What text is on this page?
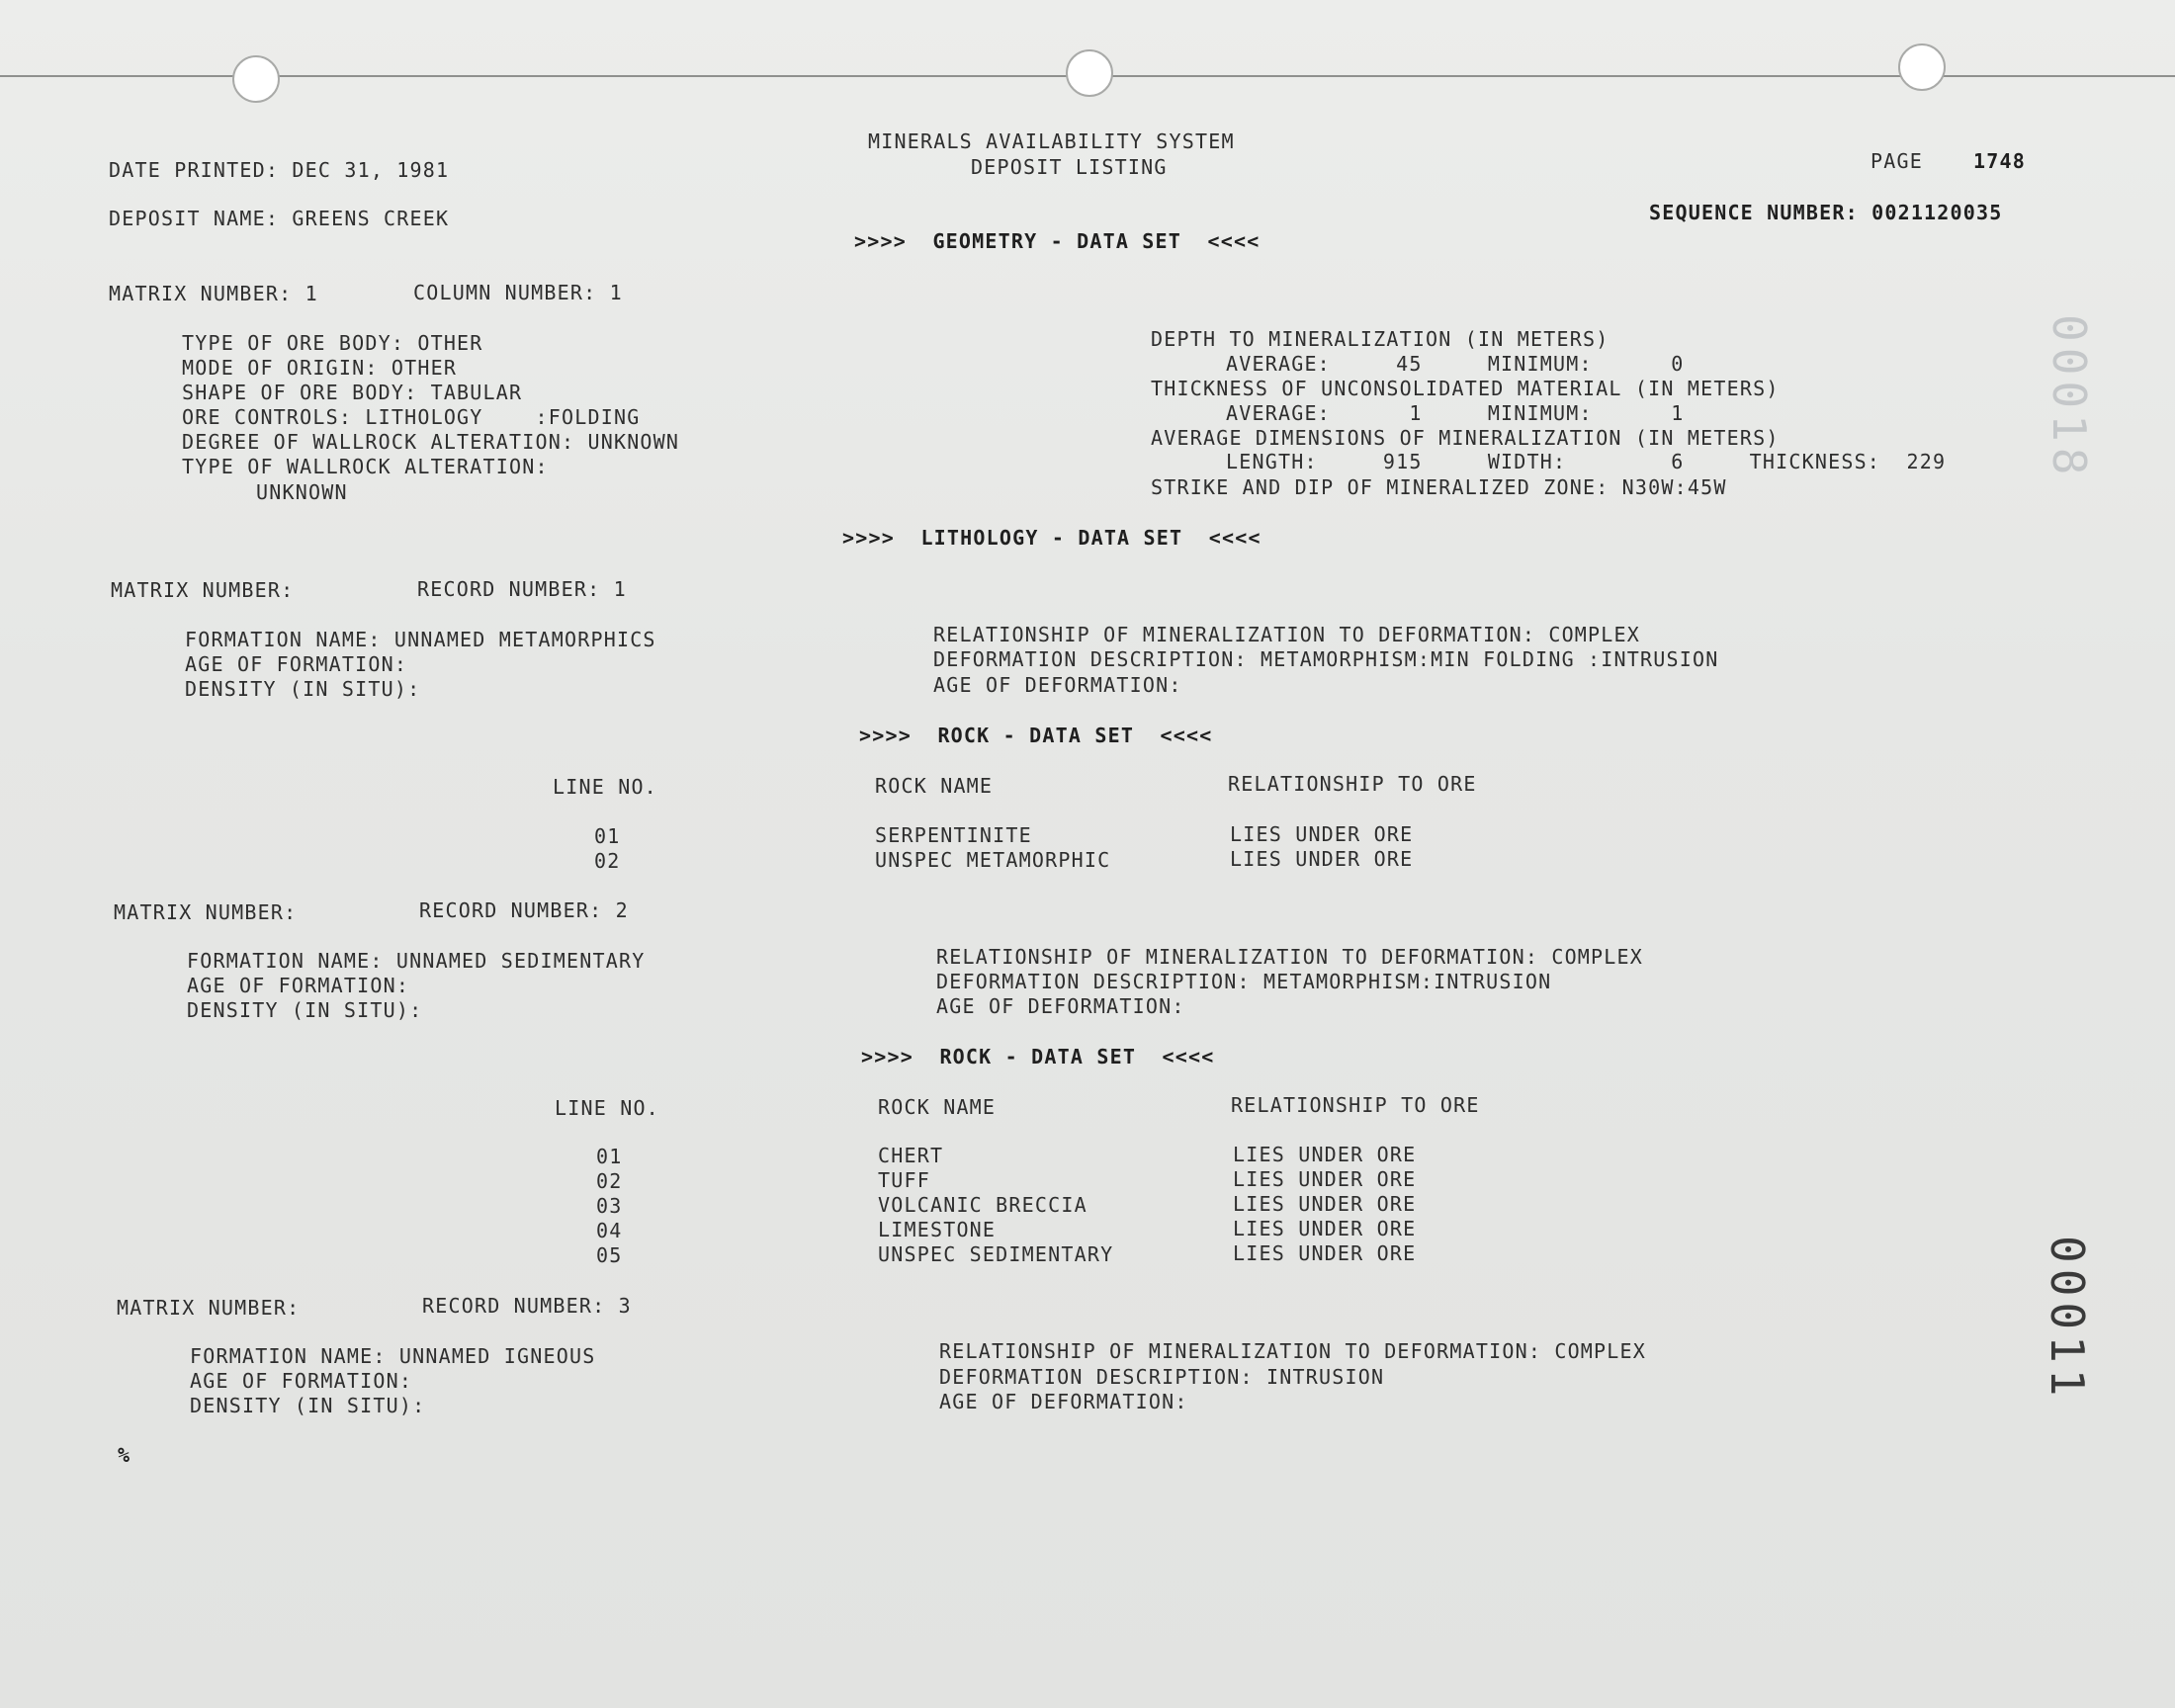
MINERALS AVAILABILITY SYSTEM
DEPOSIT LISTING
DATE PRINTED: DEC 31, 1981	PAGE	1748
DEPOSIT NAME: GREENS CREEK	SEQUENCE NUMBER: 0021120035
>>>>  GEOMETRY - DATA SET  <<<<
MATRIX NUMBER: 1	COLUMN NUMBER: 1
TYPE OF ORE BODY: OTHER
MODE OF ORIGIN: OTHER
SHAPE OF ORE BODY: TABULAR
ORE CONTROLS: LITHOLOGY    :FOLDING
DEGREE OF WALLROCK ALTERATION: UNKNOWN
TYPE OF WALLROCK ALTERATION:
UNKNOWN
DEPTH TO MINERALIZATION (IN METERS)
AVERAGE:     45     MINIMUM:      0
THICKNESS OF UNCONSOLIDATED MATERIAL (IN METERS)
AVERAGE:      1     MINIMUM:      1
AVERAGE DIMENSIONS OF MINERALIZATION (IN METERS)
LENGTH:     915     WIDTH:        6     THICKNESS:  229
STRIKE AND DIP OF MINERALIZED ZONE: N30W:45W
>>>>  LITHOLOGY - DATA SET  <<<<
MATRIX NUMBER:	RECORD NUMBER: 1
FORMATION NAME: UNNAMED METAMORPHICS
AGE OF FORMATION:
DENSITY (IN SITU):
RELATIONSHIP OF MINERALIZATION TO DEFORMATION: COMPLEX
DEFORMATION DESCRIPTION: METAMORPHISM:MIN FOLDING :INTRUSION
AGE OF DEFORMATION:
>>>>  ROCK - DATA SET  <<<<
LINE NO.	ROCK NAME	RELATIONSHIP TO ORE
01	SERPENTINITE	LIES UNDER ORE
02	UNSPEC METAMORPHIC	LIES UNDER ORE
MATRIX NUMBER:	RECORD NUMBER: 2
FORMATION NAME: UNNAMED SEDIMENTARY
AGE OF FORMATION:
DENSITY (IN SITU):
RELATIONSHIP OF MINERALIZATION TO DEFORMATION: COMPLEX
DEFORMATION DESCRIPTION: METAMORPHISM:INTRUSION
AGE OF DEFORMATION:
>>>>  ROCK - DATA SET  <<<<
LINE NO.	ROCK NAME	RELATIONSHIP TO ORE
01	CHERT	LIES UNDER ORE
02	TUFF	LIES UNDER ORE
03	VOLCANIC BRECCIA	LIES UNDER ORE
04	LIMESTONE	LIES UNDER ORE
05	UNSPEC SEDIMENTARY	LIES UNDER ORE
MATRIX NUMBER:	RECORD NUMBER: 3
FORMATION NAME: UNNAMED IGNEOUS
AGE OF FORMATION:
DENSITY (IN SITU):
RELATIONSHIP OF MINERALIZATION TO DEFORMATION: COMPLEX
DEFORMATION DESCRIPTION: INTRUSION
AGE OF DEFORMATION:
%
00018
00011
